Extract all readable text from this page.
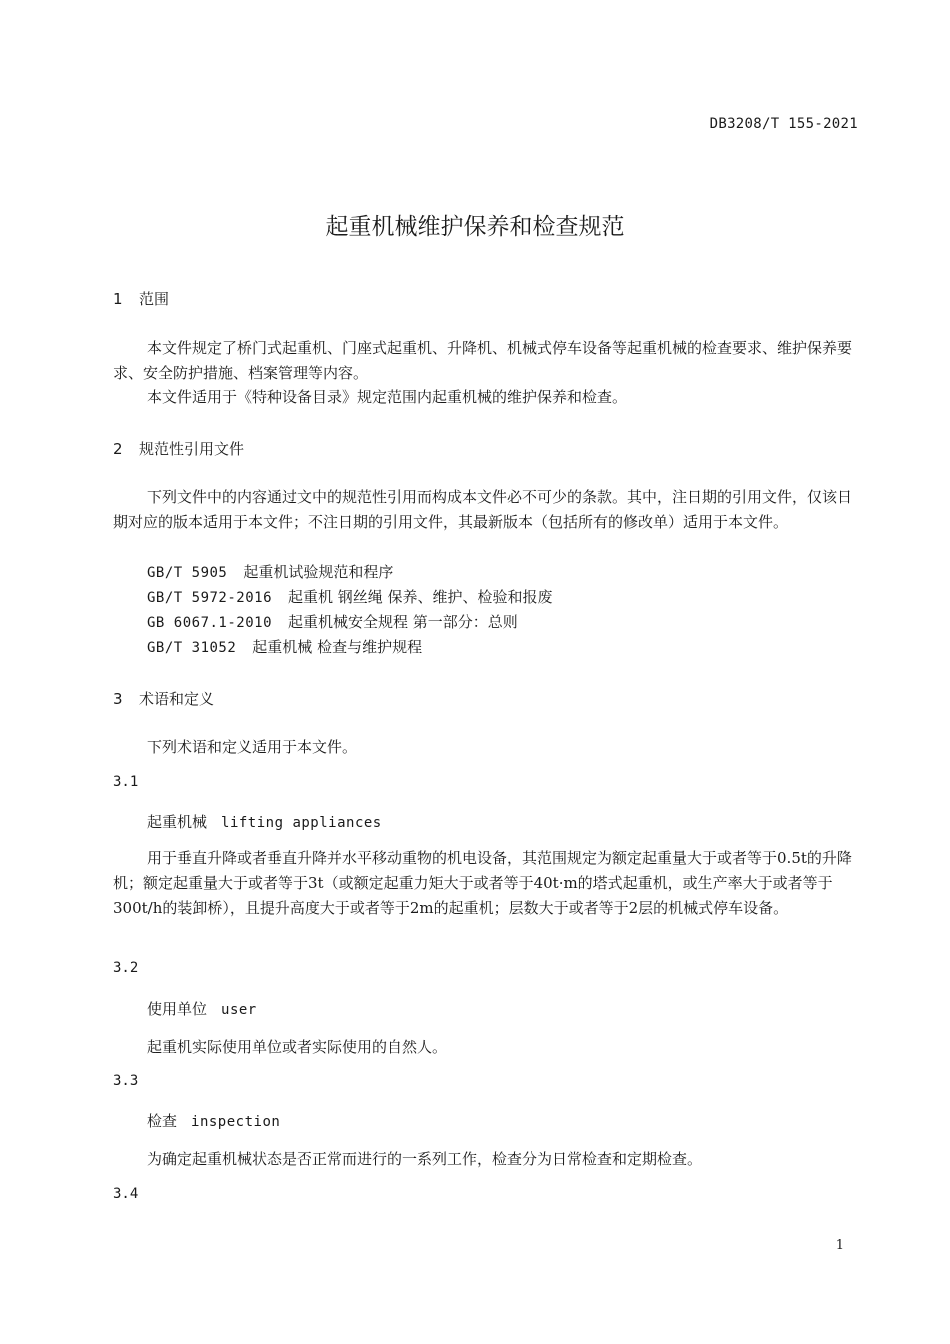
DB3208/T 155-2021
起重机械维护保养和检查规范
1 范围
本文件规定了桥门式起重机、门座式起重机、升降机、机械式停车设备等起重机械的检查要求、维护保养要求、安全防护措施、档案管理等内容。
本文件适用于《特种设备目录》规定范围内起重机械的维护保养和检查。
2 规范性引用文件
下列文件中的内容通过文中的规范性引用而构成本文件必不可少的条款。其中，注日期的引用文件，仅该日期对应的版本适用于本文件；不注日期的引用文件，其最新版本（包括所有的修改单）适用于本文件。
GB/T 5905 起重机试验规范和程序
GB/T 5972-2016 起重机 钢丝绳 保养、维护、检验和报废
GB 6067.1-2010 起重机械安全规程 第一部分：总则
GB/T 31052 起重机械 检查与维护规程
3 术语和定义
下列术语和定义适用于本文件。
3.1
起重机械 lifting appliances
用于垂直升降或者垂直升降并水平移动重物的机电设备，其范围规定为额定起重量大于或者等于0.5t的升降机；额定起重量大于或者等于3t（或额定起重力矩大于或者等于40t·m的塔式起重机，或生产率大于或者等于300t/h的装卸桥），且提升高度大于或者等于2m的起重机；层数大于或者等于2层的机械式停车设备。
3.2
使用单位 user
起重机实际使用单位或者实际使用的自然人。
3.3
检查 inspection
为确定起重机械状态是否正常而进行的一系列工作，检查分为日常检查和定期检查。
3.4
1
